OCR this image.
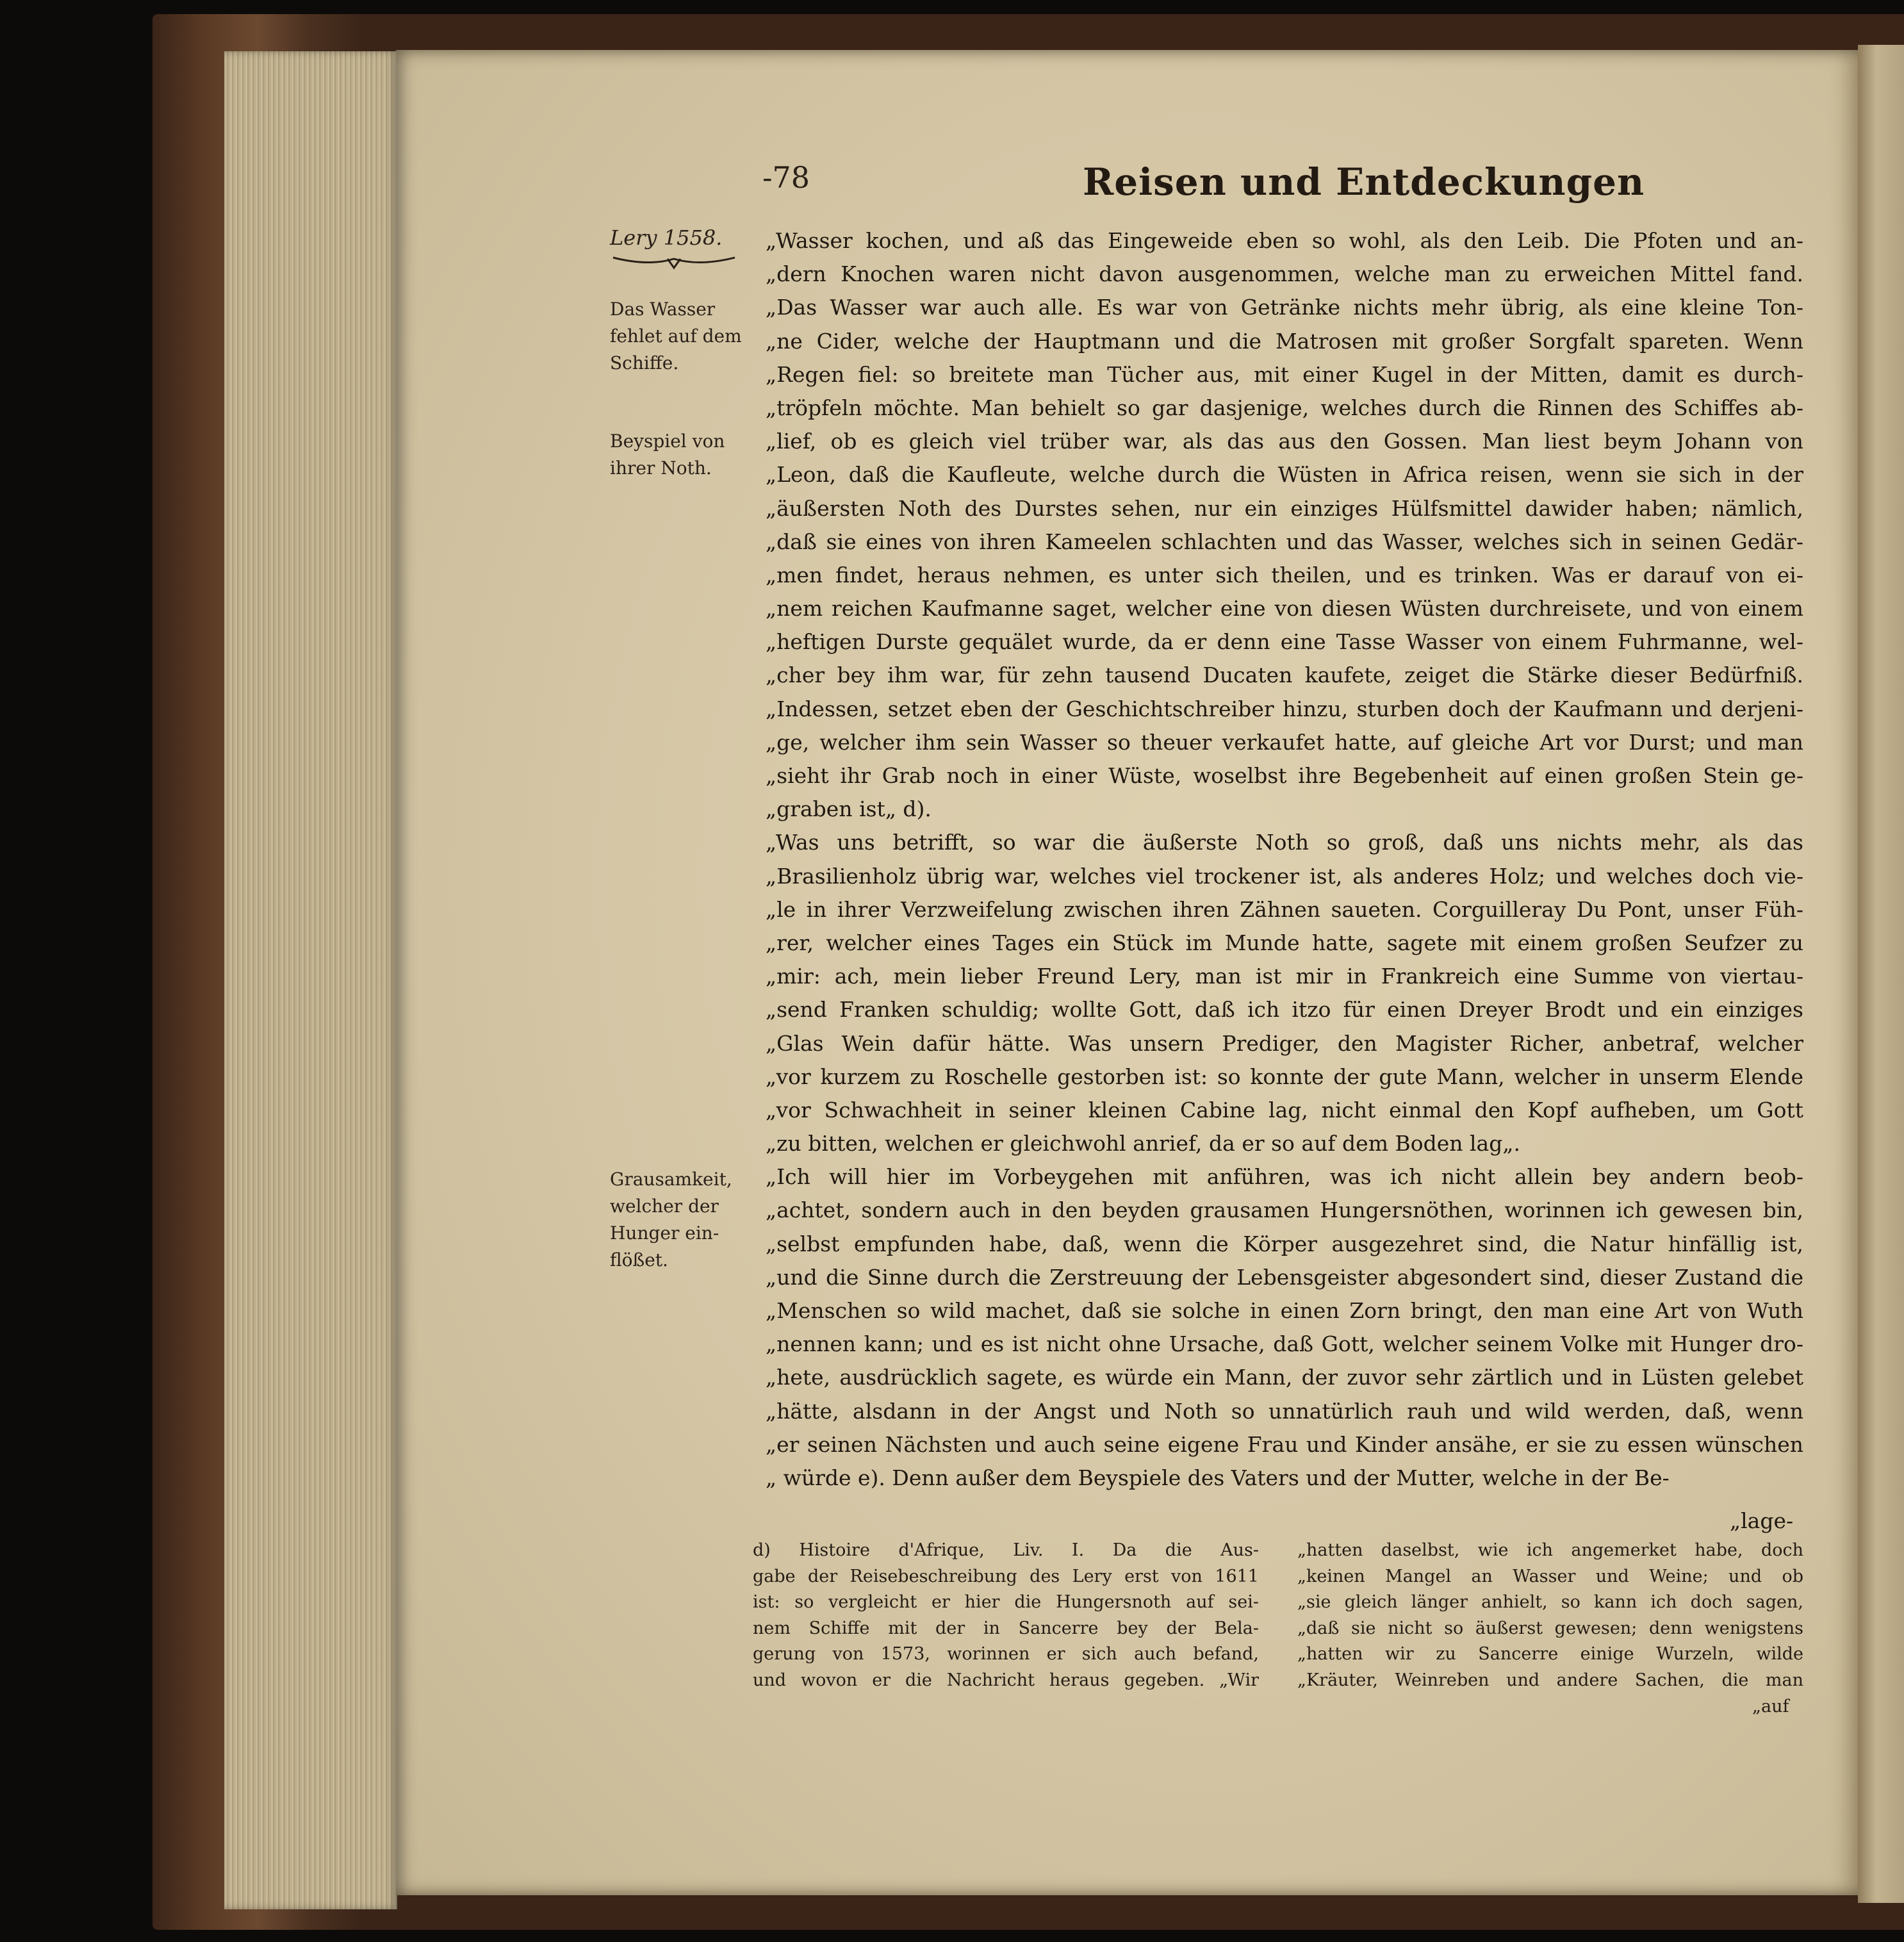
-78	Reisen und Entdeckungen
Lery 1558.
Das Wasser fehlet auf dem Schiffe.
Beyspiel von ihrer Noth.
Grausamkeit, welcher der Hunger ein-flößet.
„Wasser kochen, und aß das Eingeweide eben so wohl, als den Leib. Die Pfoten und an-
„dern Knochen waren nicht davon ausgenommen, welche man zu erweichen Mittel fand.
„Das Wasser war auch alle. Es war von Getränke nichts mehr übrig, als eine kleine Ton-
„ne Cider, welche der Hauptmann und die Matrosen mit großer Sorgfalt spareten. Wenn
„Regen fiel: so breitete man Tücher aus, mit einer Kugel in der Mitten, damit es durch-
„tröpfeln möchte. Man behielt so gar dasjenige, welches durch die Rinnen des Schiffes ab-
„lief, ob es gleich viel trüber war, als das aus den Gossen. Man liest beym Johann von
„Leon, daß die Kaufleute, welche durch die Wüsten in Africa reisen, wenn sie sich in der
„äußersten Noth des Durstes sehen, nur ein einziges Hülfsmittel dawider haben; nämlich,
„daß sie eines von ihren Kameelen schlachten und das Wasser, welches sich in seinen Gedär-
„men findet, heraus nehmen, es unter sich theilen, und es trinken. Was er darauf von ei-
„nem reichen Kaufmanne saget, welcher eine von diesen Wüsten durchreisete, und von einem
„heftigen Durste gequälet wurde, da er denn eine Tasse Wasser von einem Fuhrmanne, wel-
„cher bey ihm war, für zehn tausend Ducaten kaufete, zeiget die Stärke dieser Bedürfniß.
„Indessen, setzet eben der Geschichtschreiber hinzu, sturben doch der Kaufmann und derjeni-
„ge, welcher ihm sein Wasser so theuer verkaufet hatte, auf gleiche Art vor Durst; und man
„sieht ihr Grab noch in einer Wüste, woselbst ihre Begebenheit auf einen großen Stein ge-
„graben ist„ d).
„Was uns betrifft, so war die äußerste Noth so groß, daß uns nichts mehr, als das
„Brasilienholz übrig war, welches viel trockener ist, als anderes Holz; und welches doch vie-
„le in ihrer Verzweifelung zwischen ihren Zähnen saueten. Corguilleray Du Pont, unser Füh-
„rer, welcher eines Tages ein Stück im Munde hatte, sagete mit einem großen Seufzer zu
„mir: ach, mein lieber Freund Lery, man ist mir in Frankreich eine Summe von viertau-
„send Franken schuldig; wollte Gott, daß ich itzo für einen Dreyer Brodt und ein einziges
„Glas Wein dafür hätte. Was unsern Prediger, den Magister Richer, anbetraf, welcher
„vor kurzem zu Roschelle gestorben ist: so konnte der gute Mann, welcher in unserm Elende
„vor Schwachheit in seiner kleinen Cabine lag, nicht einmal den Kopf aufheben, um Gott
„zu bitten, welchen er gleichwohl anrief, da er so auf dem Boden lag„.
„Ich will hier im Vorbeygehen mit anführen, was ich nicht allein bey andern beob-
„achtet, sondern auch in den beyden grausamen Hungersnöthen, worinnen ich gewesen bin,
„selbst empfunden habe, daß, wenn die Körper ausgezehret sind, die Natur hinfällig ist,
„und die Sinne durch die Zerstreuung der Lebensgeister abgesondert sind, dieser Zustand die
„Menschen so wild machet, daß sie solche in einen Zorn bringt, den man eine Art von Wuth
„nennen kann; und es ist nicht ohne Ursache, daß Gott, welcher seinem Volke mit Hunger dro-
„hete, ausdrücklich sagete, es würde ein Mann, der zuvor sehr zärtlich und in Lüsten gelebet
„hätte, alsdann in der Angst und Noth so unnatürlich rauh und wild werden, daß, wenn
„er seinen Nächsten und auch seine eigene Frau und Kinder ansähe, er sie zu essen wünschen
„ würde e). Denn außer dem Beyspiele des Vaters und der Mutter, welche in der Be-
„lage-
d) Histoire d'Afrique, Liv. I. Da die Aus-
gabe der Reisebeschreibung des Lery erst von 1611
ist: so vergleicht er hier die Hungersnoth auf sei-
nem Schiffe mit der in Sancerre bey der Bela-
gerung von 1573, worinnen er sich auch befand,
und wovon er die Nachricht heraus gegeben. „Wir
„hatten daselbst, wie ich angemerket habe, doch
„keinen Mangel an Wasser und Weine; und ob
„sie gleich länger anhielt, so kann ich doch sagen,
„daß sie nicht so äußerst gewesen; denn wenigstens
„hatten wir zu Sancerre einige Wurzeln, wilde
„Kräuter, Weinreben und andere Sachen, die man
„auf
